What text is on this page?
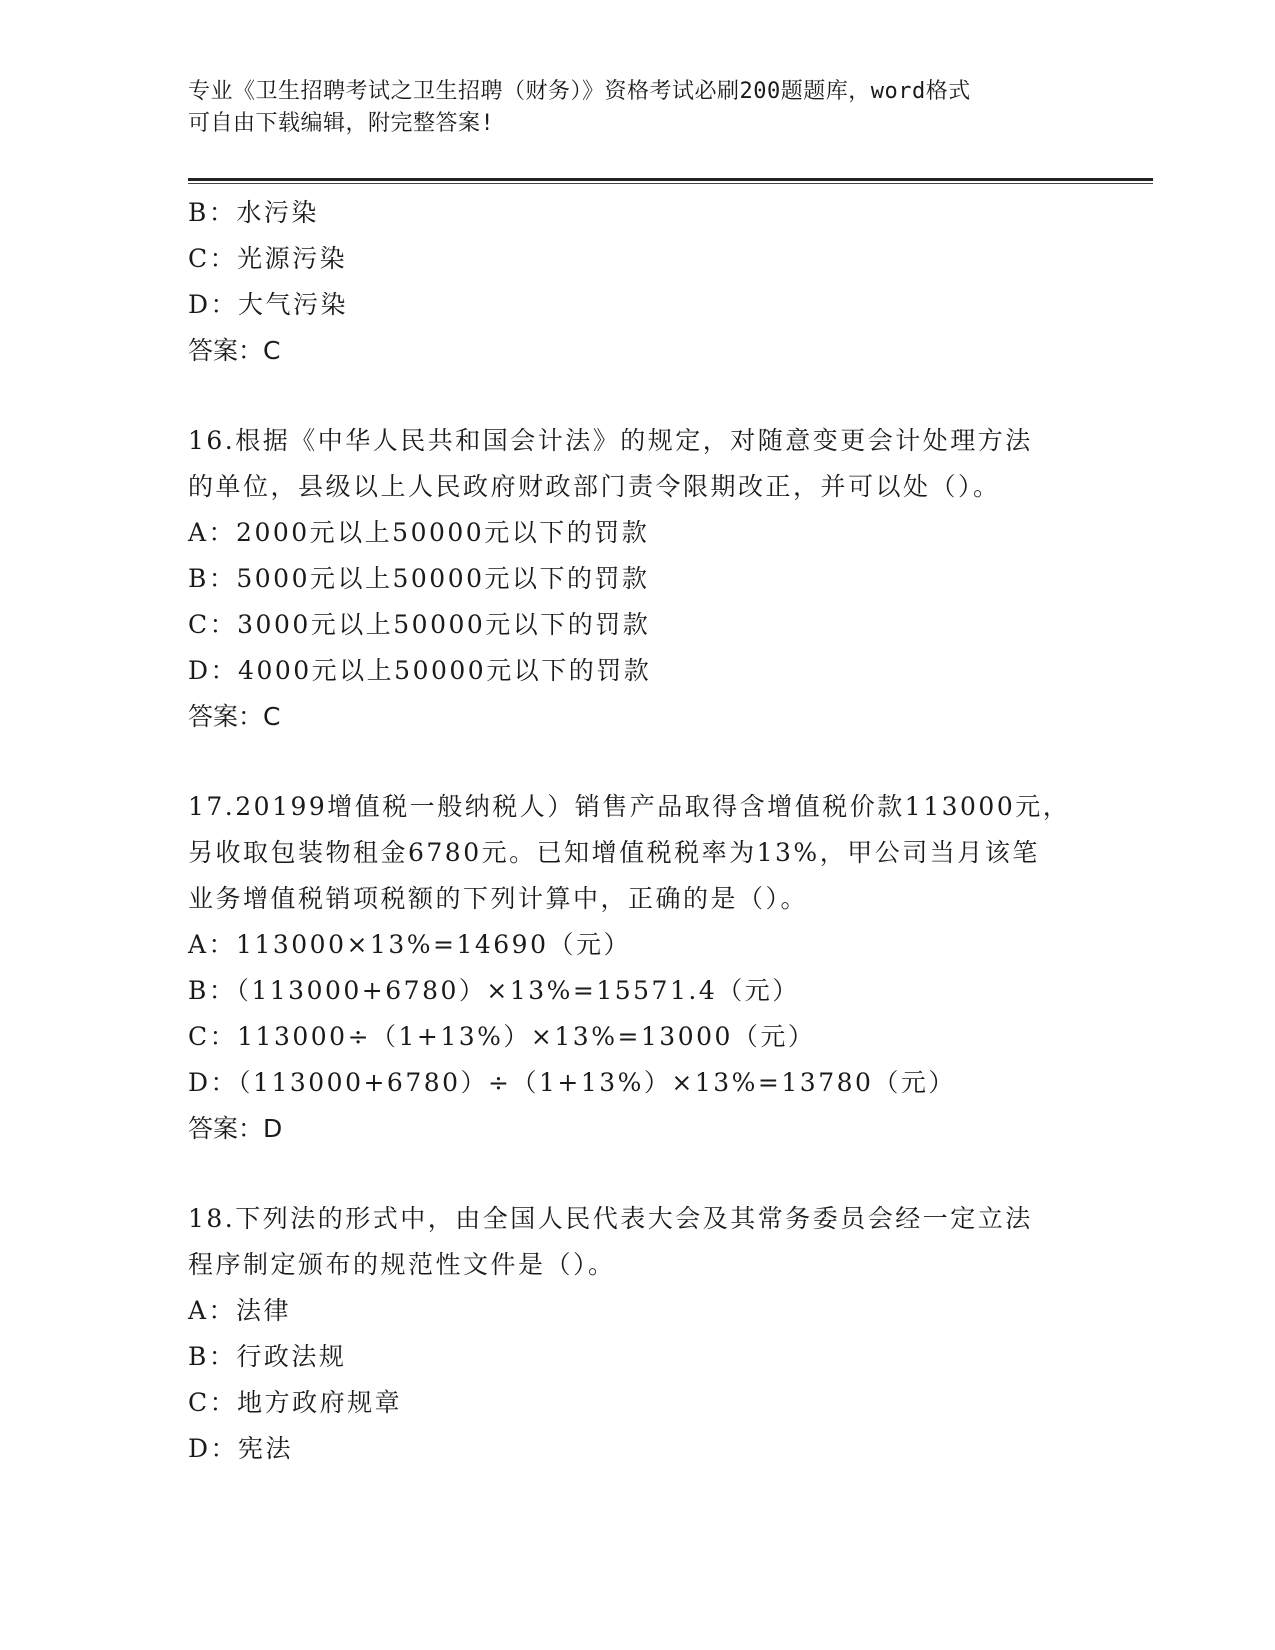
专业《卫生招聘考试之卫生招聘（财务）》资格考试必刷200题题库，word格式
可自由下载编辑，附完整答案!
B：水污染
C：光源污染
D：大气污染
答案：C
16.根据《中华人民共和国会计法》的规定，对随意变更会计处理方法
的单位，县级以上人民政府财政部门责令限期改正，并可以处（）。
A：2000元以上50000元以下的罚款
B：5000元以上50000元以下的罚款
C：3000元以上50000元以下的罚款
D：4000元以上50000元以下的罚款
答案：C
17.20199增值税一般纳税人）销售产品取得含增值税价款113000元，
另收取包装物租金6780元。已知增值税税率为13%，甲公司当月该笔
业务增值税销项税额的下列计算中，正确的是（）。
A：113000×13%=14690（元）
B：（113000+6780）×13%=15571.4（元）
C：113000÷（1+13%）×13%=13000（元）
D：（113000+6780）÷（1+13%）×13%=13780（元）
答案：D
18.下列法的形式中，由全国人民代表大会及其常务委员会经一定立法
程序制定颁布的规范性文件是（）。
A：法律
B：行政法规
C：地方政府规章
D：宪法
